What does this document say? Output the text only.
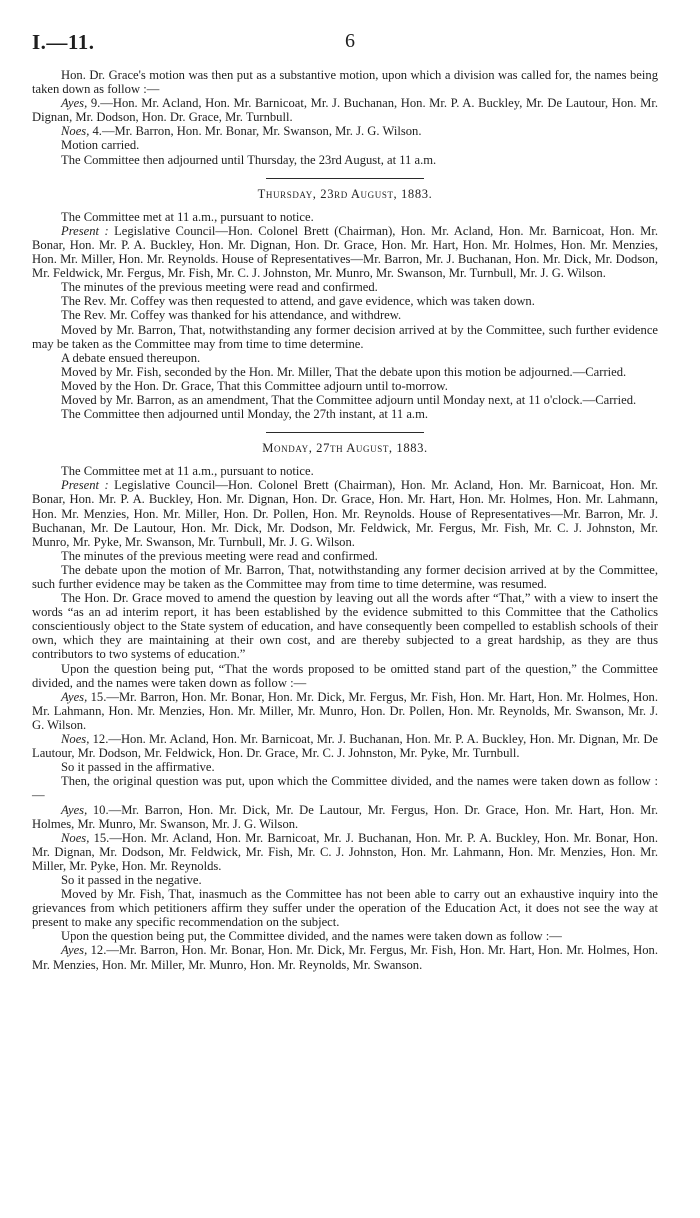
I.—11.	6

Hon. Dr. Grace's motion was then put as a substantive motion, upon which a division was called for, the names being taken down as follow :—

Ayes, 9.—Hon. Mr. Acland, Hon. Mr. Barnicoat, Mr. J. Buchanan, Hon. Mr. P. A. Buckley, Mr. De Lautour, Hon. Mr. Dignan, Mr. Dodson, Hon. Dr. Grace, Mr. Turnbull.

Noes, 4.—Mr. Barron, Hon. Mr. Bonar, Mr. Swanson, Mr. J. G. Wilson.

Motion carried.

The Committee then adjourned until Thursday, the 23rd August, at 11 a.m.

Thursday, 23rd August, 1883.

The Committee met at 11 a.m., pursuant to notice.

Present : Legislative Council—Hon. Colonel Brett (Chairman), Hon. Mr. Acland, Hon. Mr. Barnicoat, Hon. Mr. Bonar, Hon. Mr. P. A. Buckley, Hon. Mr. Dignan, Hon. Dr. Grace, Hon. Mr. Hart, Hon. Mr. Holmes, Hon. Mr. Menzies, Hon. Mr. Miller, Hon. Mr. Reynolds. House of Representatives—Mr. Barron, Mr. J. Buchanan, Hon. Mr. Dick, Mr. Dodson, Mr. Feldwick, Mr. Fergus, Mr. Fish, Mr. C. J. Johnston, Mr. Munro, Mr. Swanson, Mr. Turnbull, Mr. J. G. Wilson.

The minutes of the previous meeting were read and confirmed.

The Rev. Mr. Coffey was then requested to attend, and gave evidence, which was taken down.

The Rev. Mr. Coffey was thanked for his attendance, and withdrew.

Moved by Mr. Barron, That, notwithstanding any former decision arrived at by the Committee, such further evidence may be taken as the Committee may from time to time determine.

A debate ensued thereupon.

Moved by Mr. Fish, seconded by the Hon. Mr. Miller, That the debate upon this motion be adjourned.—Carried.

Moved by the Hon. Dr. Grace, That this Committee adjourn until to-morrow.

Moved by Mr. Barron, as an amendment, That the Committee adjourn until Monday next, at 11 o'clock.—Carried.

The Committee then adjourned until Monday, the 27th instant, at 11 a.m.

Monday, 27th August, 1883.

The Committee met at 11 a.m., pursuant to notice.

Present : Legislative Council—Hon. Colonel Brett (Chairman), Hon. Mr. Acland, Hon. Mr. Barnicoat, Hon. Mr. Bonar, Hon. Mr. P. A. Buckley, Hon. Mr. Dignan, Hon. Dr. Grace, Hon. Mr. Hart, Hon. Mr. Holmes, Hon. Mr. Lahmann, Hon. Mr. Menzies, Hon. Mr. Miller, Hon. Dr. Pollen, Hon. Mr. Reynolds. House of Representatives—Mr. Barron, Mr. J. Buchanan, Mr. De Lautour, Hon. Mr. Dick, Mr. Dodson, Mr. Feldwick, Mr. Fergus, Mr. Fish, Mr. C. J. Johnston, Mr. Munro, Mr. Pyke, Mr. Swanson, Mr. Turnbull, Mr. J. G. Wilson.

The minutes of the previous meeting were read and confirmed.

The debate upon the motion of Mr. Barron, That, notwithstanding any former decision arrived at by the Committee, such further evidence may be taken as the Committee may from time to time determine, was resumed.

The Hon. Dr. Grace moved to amend the question by leaving out all the words after “That,” with a view to insert the words “as an ad interim report, it has been established by the evidence submitted to this Committee that the Catholics conscientiously object to the State system of education, and have consequently been compelled to establish schools of their own, which they are maintaining at their own cost, and are thereby subjected to a great hardship, as they are thus contributors to two systems of education.”

Upon the question being put, “That the words proposed to be omitted stand part of the question,” the Committee divided, and the names were taken down as follow :—

Ayes, 15.—Mr. Barron, Hon. Mr. Bonar, Hon. Mr. Dick, Mr. Fergus, Mr. Fish, Hon. Mr. Hart, Hon. Mr. Holmes, Hon. Mr. Lahmann, Hon. Mr. Menzies, Hon. Mr. Miller, Mr. Munro, Hon. Dr. Pollen, Hon. Mr. Reynolds, Mr. Swanson, Mr. J. G. Wilson.

Noes, 12.—Hon. Mr. Acland, Hon. Mr. Barnicoat, Mr. J. Buchanan, Hon. Mr. P. A. Buckley, Hon. Mr. Dignan, Mr. De Lautour, Mr. Dodson, Mr. Feldwick, Hon. Dr. Grace, Mr. C. J. Johnston, Mr. Pyke, Mr. Turnbull.

So it passed in the affirmative.

Then, the original question was put, upon which the Committee divided, and the names were taken down as follow :—

Ayes, 10.—Mr. Barron, Hon. Mr. Dick, Mr. De Lautour, Mr. Fergus, Hon. Dr. Grace, Hon. Mr. Hart, Hon. Mr. Holmes, Mr. Munro, Mr. Swanson, Mr. J. G. Wilson.

Noes, 15.—Hon. Mr. Acland, Hon. Mr. Barnicoat, Mr. J. Buchanan, Hon. Mr. P. A. Buckley, Hon. Mr. Bonar, Hon. Mr. Dignan, Mr. Dodson, Mr. Feldwick, Mr. Fish, Mr. C. J. Johnston, Hon. Mr. Lahmann, Hon. Mr. Menzies, Hon. Mr. Miller, Mr. Pyke, Hon. Mr. Reynolds.

So it passed in the negative.

Moved by Mr. Fish, That, inasmuch as the Committee has not been able to carry out an exhaustive inquiry into the grievances from which petitioners affirm they suffer under the operation of the Education Act, it does not see the way at present to make any specific recommendation on the subject.

Upon the question being put, the Committee divided, and the names were taken down as follow :—

Ayes, 12.—Mr. Barron, Hon. Mr. Bonar, Hon. Mr. Dick, Mr. Fergus, Mr. Fish, Hon. Mr. Hart, Hon. Mr. Holmes, Hon. Mr. Menzies, Hon. Mr. Miller, Mr. Munro, Hon. Mr. Reynolds, Mr. Swanson.
